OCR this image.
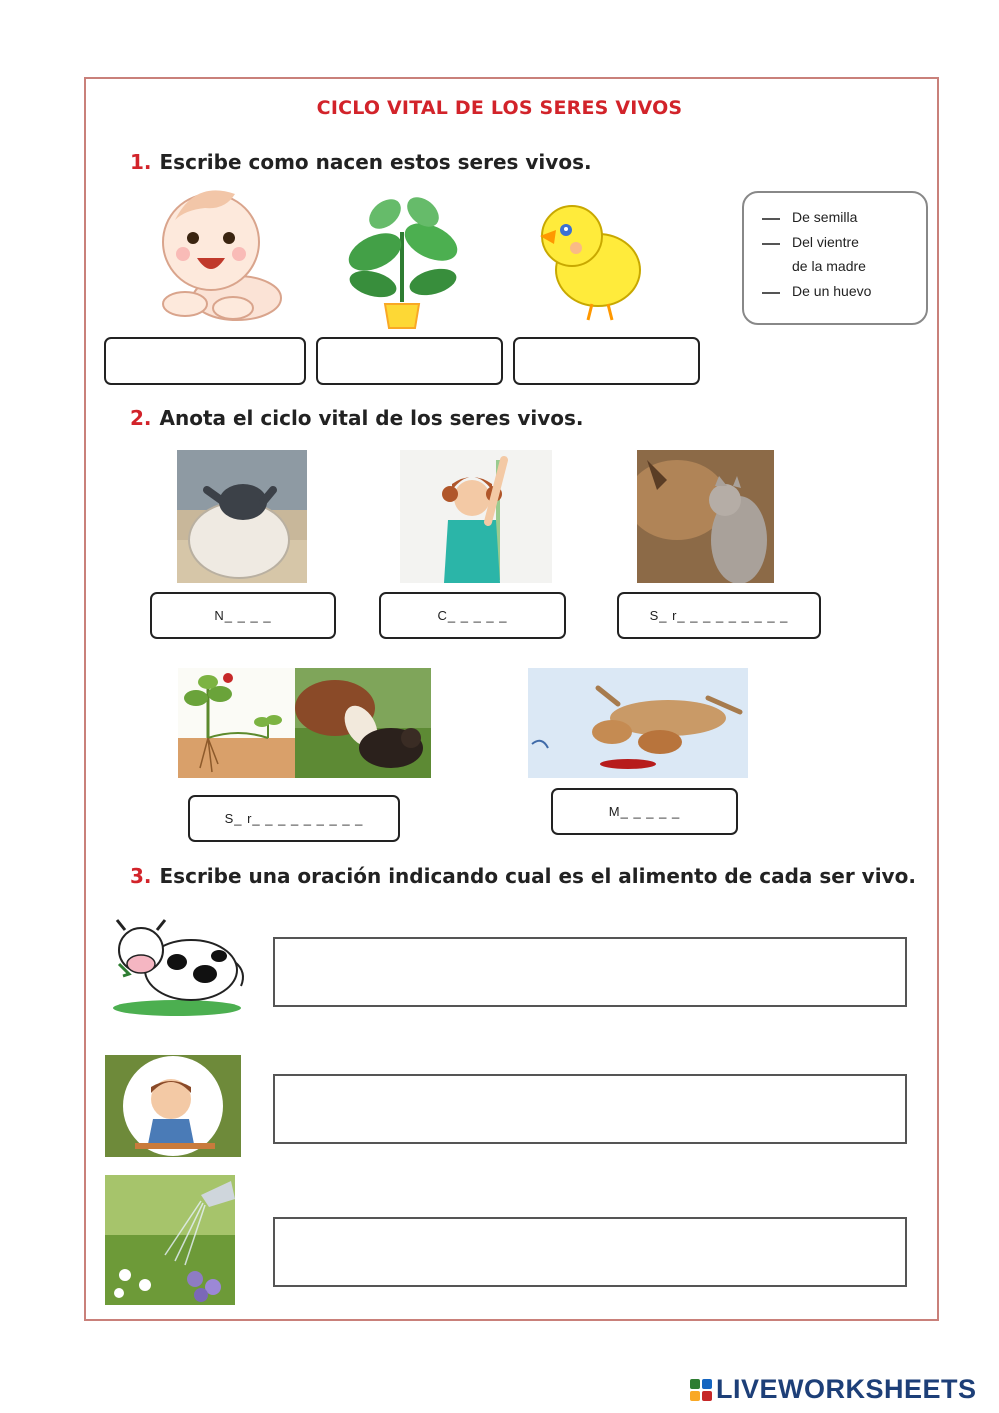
CICLO VITAL DE LOS SERES VIVOS
1. Escribe como nacen estos seres vivos.
De semilla
Del vientre
de la madre
De un huevo
2. Anota el ciclo vital de los seres vivos.
N_ _ _ _	C_ _ _ _ _	S_ r_ _ _ _ _ _ _ _ _
S_ r_ _ _ _ _ _ _ _ _	M_ _ _ _ _
3. Escribe una oración indicando cual es el alimento de cada ser vivo.
LIVEWORKSHEETS
